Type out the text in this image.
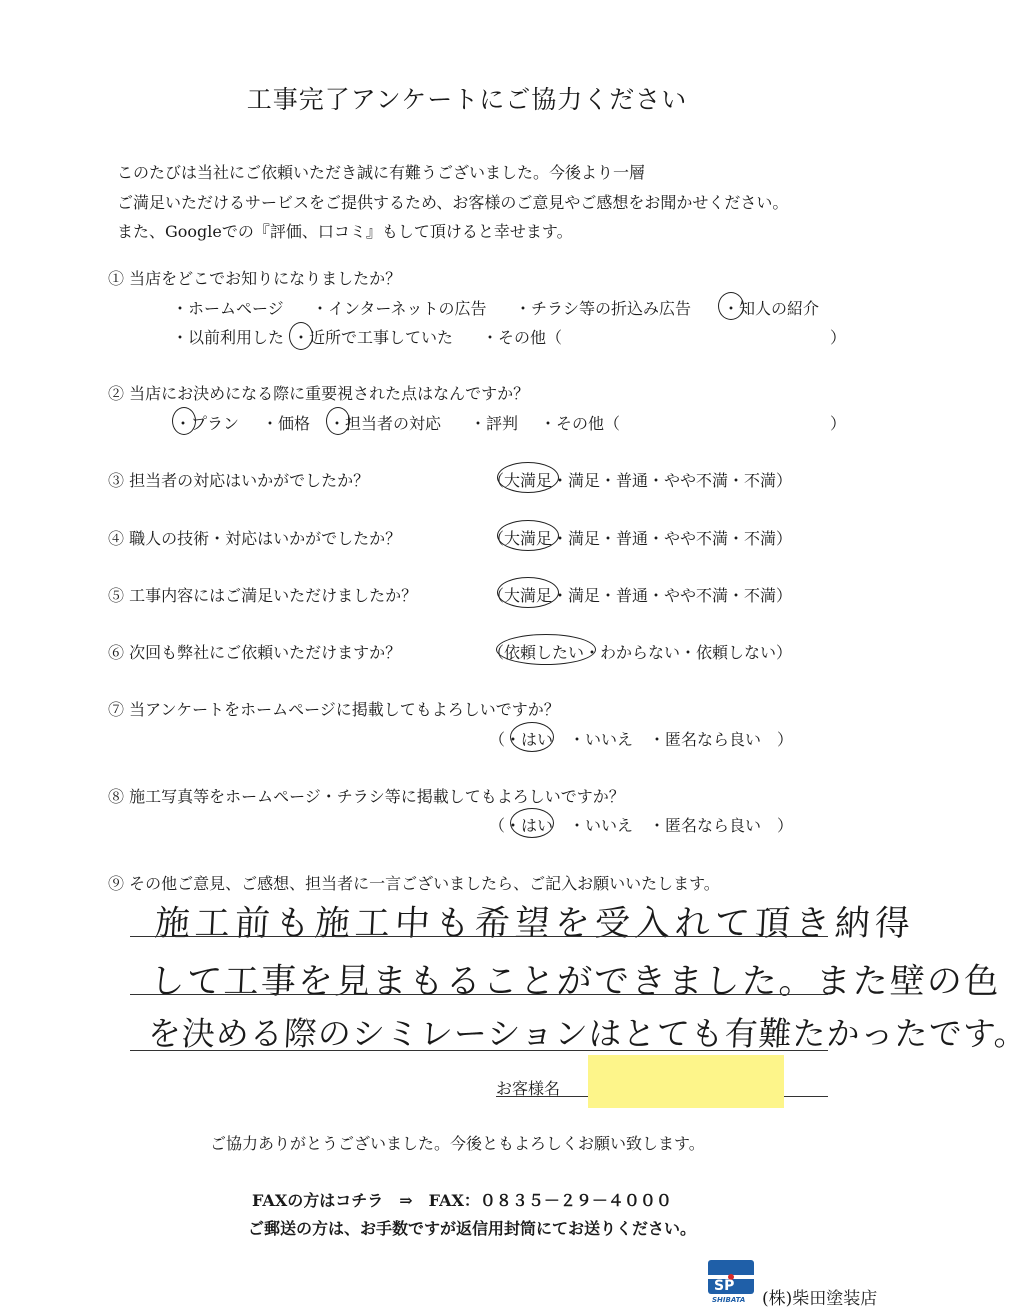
工事完了アンケートにご協力ください
このたびは当社にご依頼いただき誠に有難うございました。今後より一層
ご満足いただけるサービスをご提供するため、お客様のご意見やご感想をお聞かせください。
また、Googleでの『評価、口コミ』もして頂けると幸せます。
① 当店をどこでお知りになりましたか？
・ホームページ ・インターネットの広告 ・チラシ等の折込み広告 ・知人の紹介
・以前利用した ・近所で工事していた ・その他（	）
② 当店にお決めになる際に重要視された点はなんですか？
・プラン ・価格 ・担当者の対応 ・評判 ・その他（	）
③ 担当者の対応はいかがでしたか？	（大満足・満足・普通・やや不満・不満）
④ 職人の技術・対応はいかがでしたか？	（大満足・満足・普通・やや不満・不満）
⑤ 工事内容にはご満足いただけましたか？	（大満足・満足・普通・やや不満・不満）
⑥ 次回も弊社にご依頼いただけますか？	（依頼したい・わからない・依頼しない）
⑦ 当アンケートをホームページに掲載してもよろしいですか？
（・はい　・いいえ　・匿名なら良い　）
⑧ 施工写真等をホームページ・チラシ等に掲載してもよろしいですか？
（・はい　・いいえ　・匿名なら良い　）
⑨ その他ご意見、ご感想、担当者に一言ございましたら、ご記入お願いいたします。
施工前も施工中も希望を受入れて頂き納得
して工事を見まもることができました。また壁の色
を決める際のシミレーションはとても有難たかったです。
お客様名
ご協力ありがとうございました。今後ともよろしくお願い致します。
FAXの方はコチラ　⇒　FAX：０８３５－２９－４０００
ご郵送の方は、お手数ですが返信用封筒にてお送りください。
SP
SHIBATA (株)柴田塗装店
